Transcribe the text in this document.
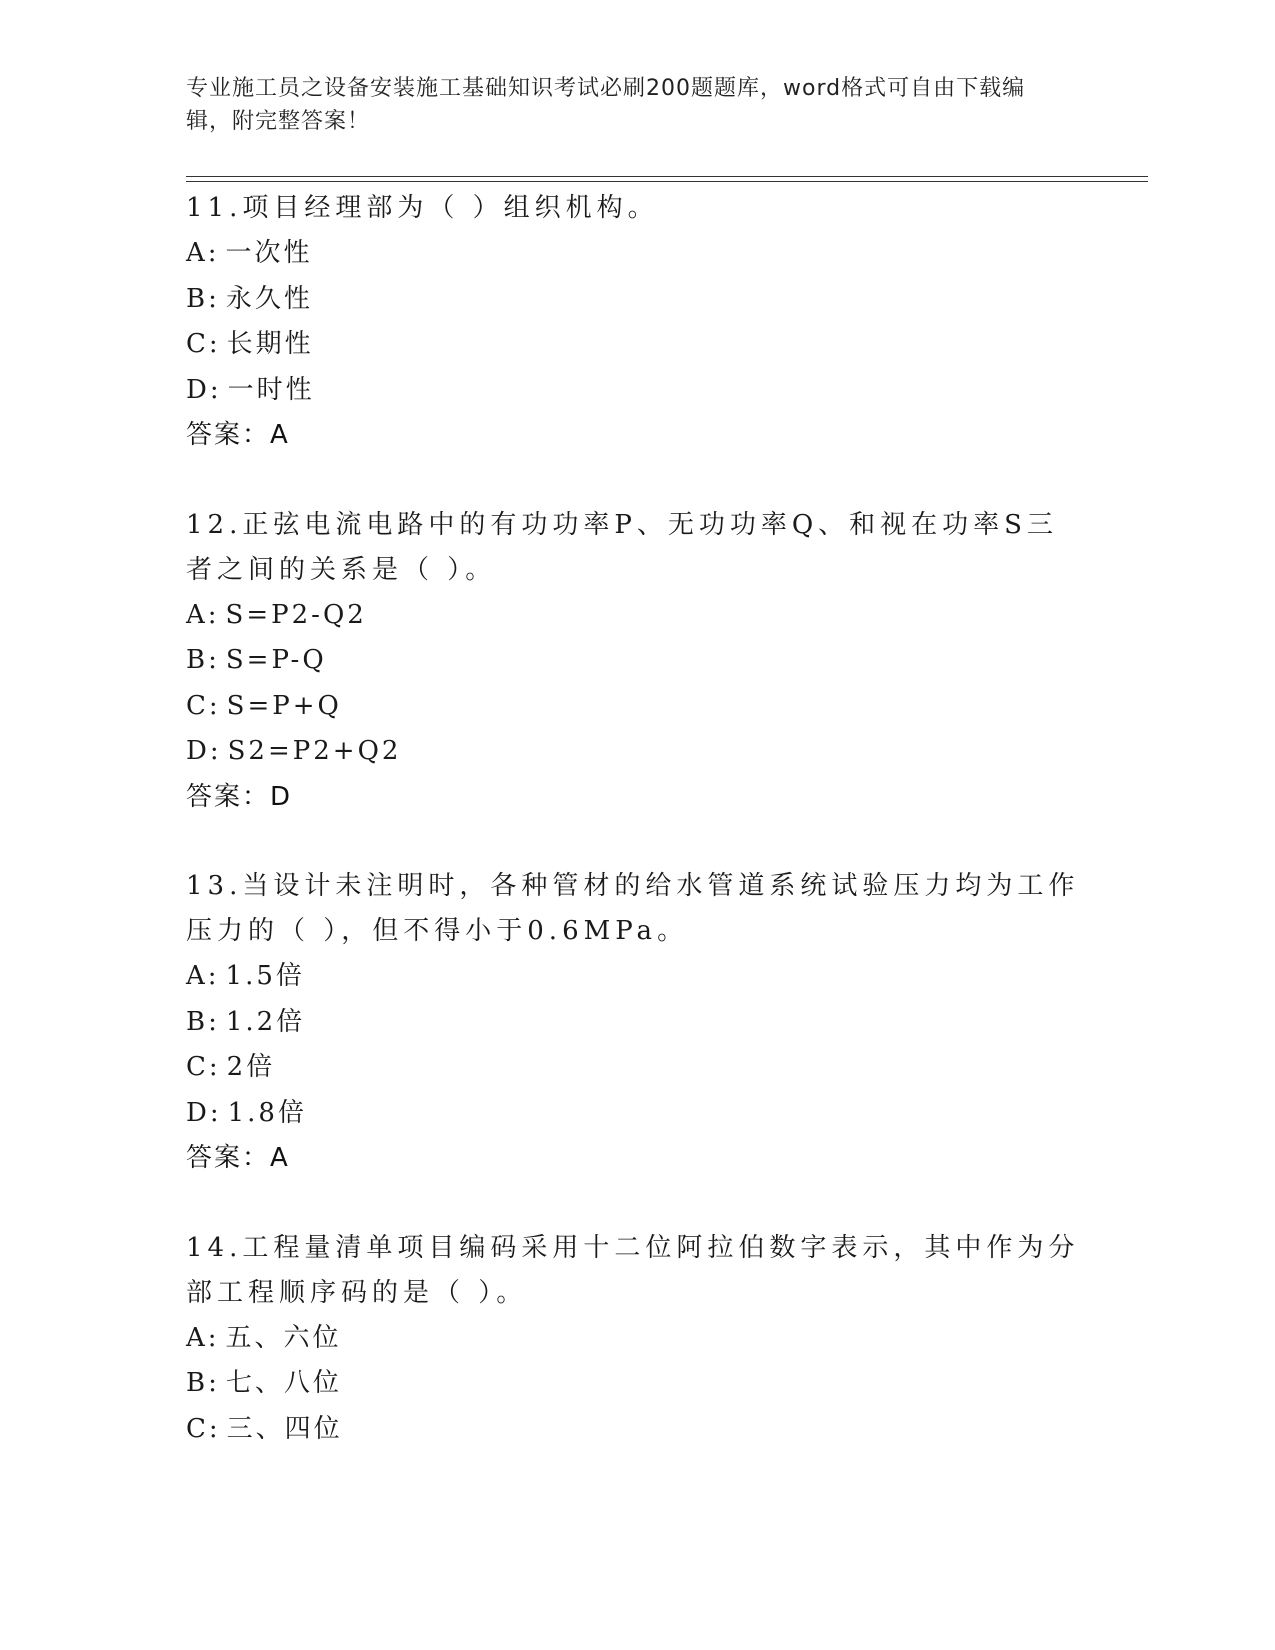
专业施工员之设备安装施工基础知识考试必刷200题题库，word格式可自由下载编辑，附完整答案！
11.项目经理部为（ ）组织机构。
A: 一次性
B: 永久性
C: 长期性
D: 一时性
答案：A
12.正弦电流电路中的有功功率P、无功功率Q、和视在功率S三者之间的关系是（ ）。
A: S=P2-Q2
B: S=P-Q
C: S=P+Q
D: S2=P2+Q2
答案：D
13.当设计未注明时，各种管材的给水管道系统试验压力均为工作压力的（ ），但不得小于0.6MPa。
A: 1.5倍
B: 1.2倍
C: 2倍
D: 1.8倍
答案：A
14.工程量清单项目编码采用十二位阿拉伯数字表示，其中作为分部工程顺序码的是（ ）。
A: 五、六位
B: 七、八位
C: 三、四位
